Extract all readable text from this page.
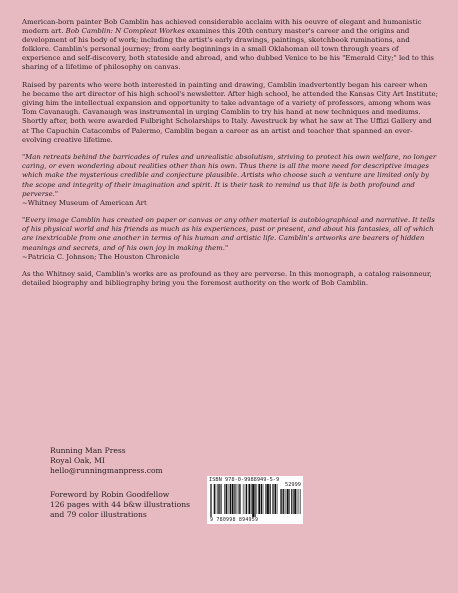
American-born painter Bob Camblin has achieved considerable acclaim with his oeuvre of elegant and humanistic modern art. Bob Camblin: N Compleat Workes examines this 20th century master's career and the origins and development of his body of work; including the artist's early drawings, paintings, sketchbook ruminations, and folklore. Camblin's personal journey; from early beginnings in a small Oklahoman oil town through years of experience and self-discovery, both stateside and abroad, and who dubbed Venice to be his "Emerald City;" led to this sharing of a lifetime of philosophy on canvas.

Raised by parents who were both interested in painting and drawing, Camblin inadvertently began his career when he became the art director of his high school's newsletter. After high school, he attended the Kansas City Art Institute; giving him the intellectual expansion and opportunity to take advantage of a variety of professors, among whom was Tom Cavanaugh. Cavanaugh was instrumental in urging Camblin to try his hand at new techniques and mediums. Shortly after, both were awarded Fulbright Scholarships to Italy. Awestruck by what he saw at The Uffizi Gallery and at The Capuchin Catacombs of Palermo, Camblin began a career as an artist and teacher that spanned an ever-evolving creative lifetime.

"Man retreats behind the barricades of rules and unrealistic absolutism, striving to protect his own welfare, no longer caring, or even wondering about realities other than his own. Thus there is all the more need for descriptive images which make the mysterious credible and conjecture plausible. Artists who choose such a venture are limited only by the scope and integrity of their imagination and spirit. It is their task to remind us that life is both profound and perverse."
~Whitney Museum of American Art

"Every image Camblin has created on paper or canvas or any other material is autobiographical and narrative. It tells of his physical world and his friends as much as his experiences, past or present, and about his fantasies, all of which are inextricable from one another in terms of his human and artistic life. Camblin's artworks are bearers of hidden meanings and secrets, and of his own joy in making them."
~Patricia C. Johnson; The Houston Chronicle

As the Whitney said, Camblin's works are as profound as they are perverse. In this monograph, a catalog raisonneur, detailed biography and bibliography bring you the foremost authority on the work of Bob Camblin.

Running Man Press
Royal Oak, MI
hello@runningmanpress.com
Foreword by Robin Goodfellow
126 pages with 44 b&w illustrations
and 79 color illustrations
ISBN 978-0-9988949-5-9
52999
9 780998 894959
